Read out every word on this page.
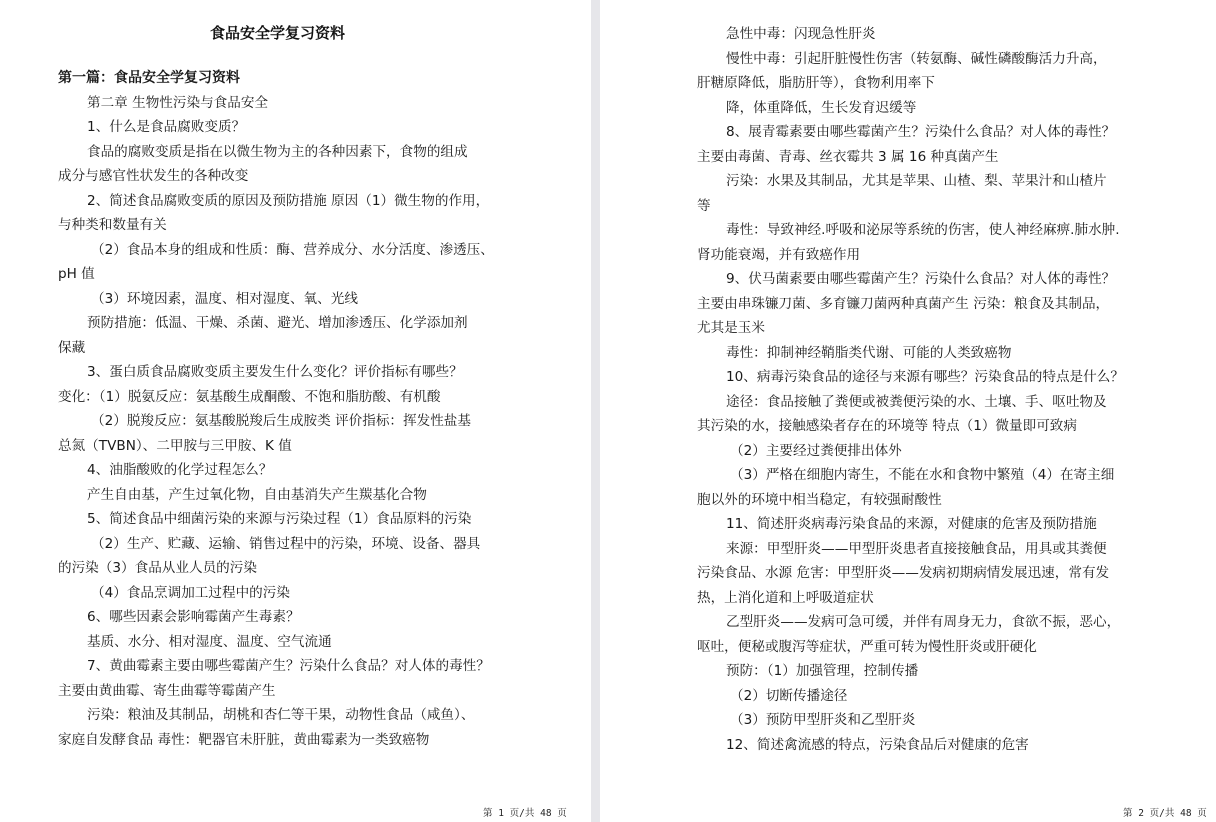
食品安全学复习资料
第一篇：食品安全学复习资料
第二章 生物性污染与食品安全
1、什么是食品腐败变质？
食品的腐败变质是指在以微生物为主的各种因素下，食物的组成
成分与感官性状发生的各种改变
2、简述食品腐败变质的原因及预防措施 原因（1）微生物的作用，
与种类和数量有关
（2）食品本身的组成和性质：酶、营养成分、水分活度、渗透压、
pH 值
（3）环境因素，温度、相对湿度、氧、光线
预防措施：低温、干燥、杀菌、避光、增加渗透压、化学添加剂
保藏
3、蛋白质食品腐败变质主要发生什么变化？评价指标有哪些？
变化：（1）脱氨反应：氨基酸生成酮酸、不饱和脂肪酸、有机酸
（2）脱羧反应：氨基酸脱羧后生成胺类 评价指标：挥发性盐基
总氮（TVBN）、二甲胺与三甲胺、K 值
4、油脂酸败的化学过程怎么？
产生自由基，产生过氧化物，自由基消失产生羰基化合物
5、简述食品中细菌污染的来源与污染过程（1）食品原料的污染
（2）生产、贮藏、运输、销售过程中的污染，环境、设备、器具
的污染（3）食品从业人员的污染
（4）食品烹调加工过程中的污染
6、哪些因素会影响霉菌产生毒素？
基质、水分、相对湿度、温度、空气流通
7、黄曲霉素主要由哪些霉菌产生？污染什么食品？对人体的毒性？
主要由黄曲霉、寄生曲霉等霉菌产生
污染：粮油及其制品，胡桃和杏仁等干果，动物性食品（咸鱼）、
家庭自发酵食品 毒性：靶器官未肝脏，黄曲霉素为一类致癌物
第 1 页/共 48 页
急性中毒：闪现急性肝炎
慢性中毒：引起肝脏慢性伤害（转氨酶、碱性磷酸酶活力升高，
肝糖原降低，脂肪肝等），食物利用率下
降，体重降低，生长发育迟缓等
8、展青霉素要由哪些霉菌产生？污染什么食品？对人体的毒性？
主要由毒菌、青毒、丝衣霉共 3 属 16 种真菌产生
污染：水果及其制品，尤其是苹果、山楂、梨、苹果汁和山楂片
等
毒性：导致神经.呼吸和泌尿等系统的伤害，使人神经麻痹.肺水肿.
肾功能衰竭，并有致癌作用
9、伏马菌素要由哪些霉菌产生？污染什么食品？对人体的毒性？
主要由串珠镰刀菌、多育镰刀菌两种真菌产生 污染：粮食及其制品，
尤其是玉米
毒性：抑制神经鞘脂类代谢、可能的人类致癌物
10、病毒污染食品的途径与来源有哪些？污染食品的特点是什么？
途径：食品接触了粪便或被粪便污染的水、土壤、手、呕吐物及
其污染的水，接触感染者存在的环境等 特点（1）微量即可致病
（2）主要经过粪便排出体外
（3）严格在细胞内寄生，不能在水和食物中繁殖（4）在寄主细
胞以外的环境中相当稳定，有较强耐酸性
11、简述肝炎病毒污染食品的来源，对健康的危害及预防措施
来源：甲型肝炎——甲型肝炎患者直接接触食品，用具或其粪便
污染食品、水源 危害：甲型肝炎——发病初期病情发展迅速，常有发
热，上消化道和上呼吸道症状
乙型肝炎——发病可急可缓，并伴有周身无力，食欲不振，恶心，
呕吐，便秘或腹泻等症状，严重可转为慢性肝炎或肝硬化
预防：（1）加强管理，控制传播
（2）切断传播途径
（3）预防甲型肝炎和乙型肝炎
12、简述禽流感的特点，污染食品后对健康的危害
第 2 页/共 48 页
